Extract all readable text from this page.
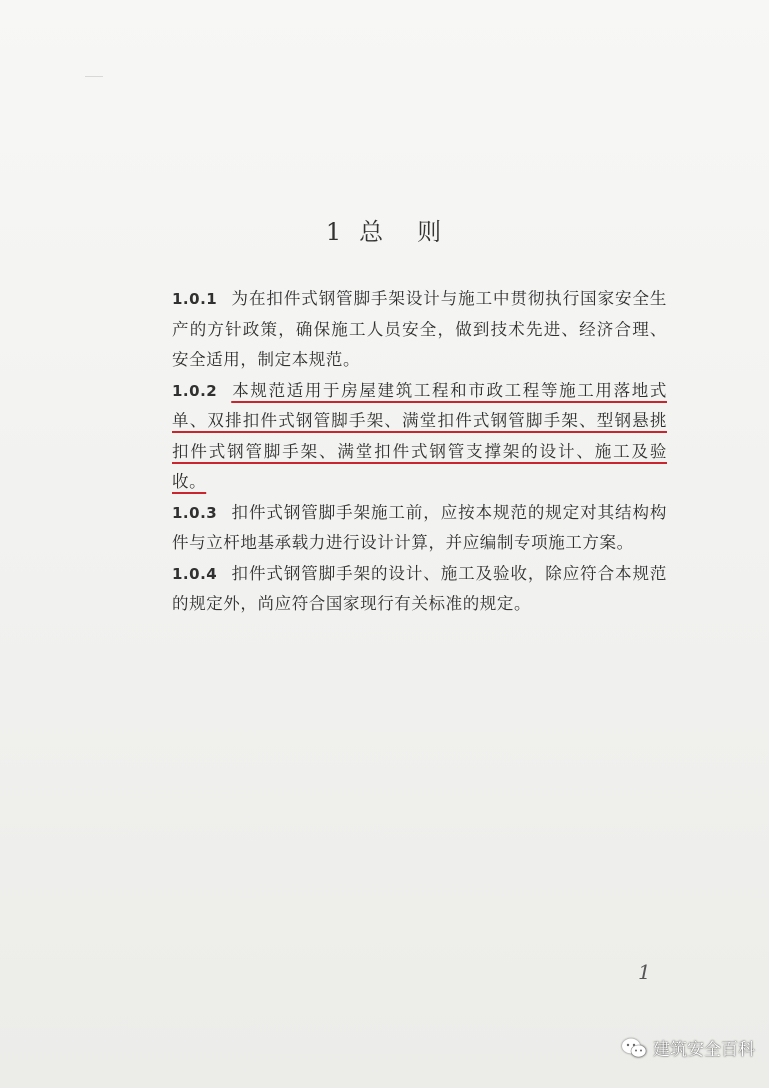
1 总 则

1.0.1 为在扣件式钢管脚手架设计与施工中贯彻执行国家安全生产的方针政策，确保施工人员安全，做到技术先进、经济合理、安全适用，制定本规范。

1.0.2 本规范适用于房屋建筑工程和市政工程等施工用落地式单、双排扣件式钢管脚手架、满堂扣件式钢管脚手架、型钢悬挑扣件式钢管脚手架、满堂扣件式钢管支撑架的设计、施工及验收。

1.0.3 扣件式钢管脚手架施工前，应按本规范的规定对其结构构件与立杆地基承载力进行设计计算，并应编制专项施工方案。

1.0.4 扣件式钢管脚手架的设计、施工及验收，除应符合本规范的规定外，尚应符合国家现行有关标准的规定。

1
建筑安全百科
